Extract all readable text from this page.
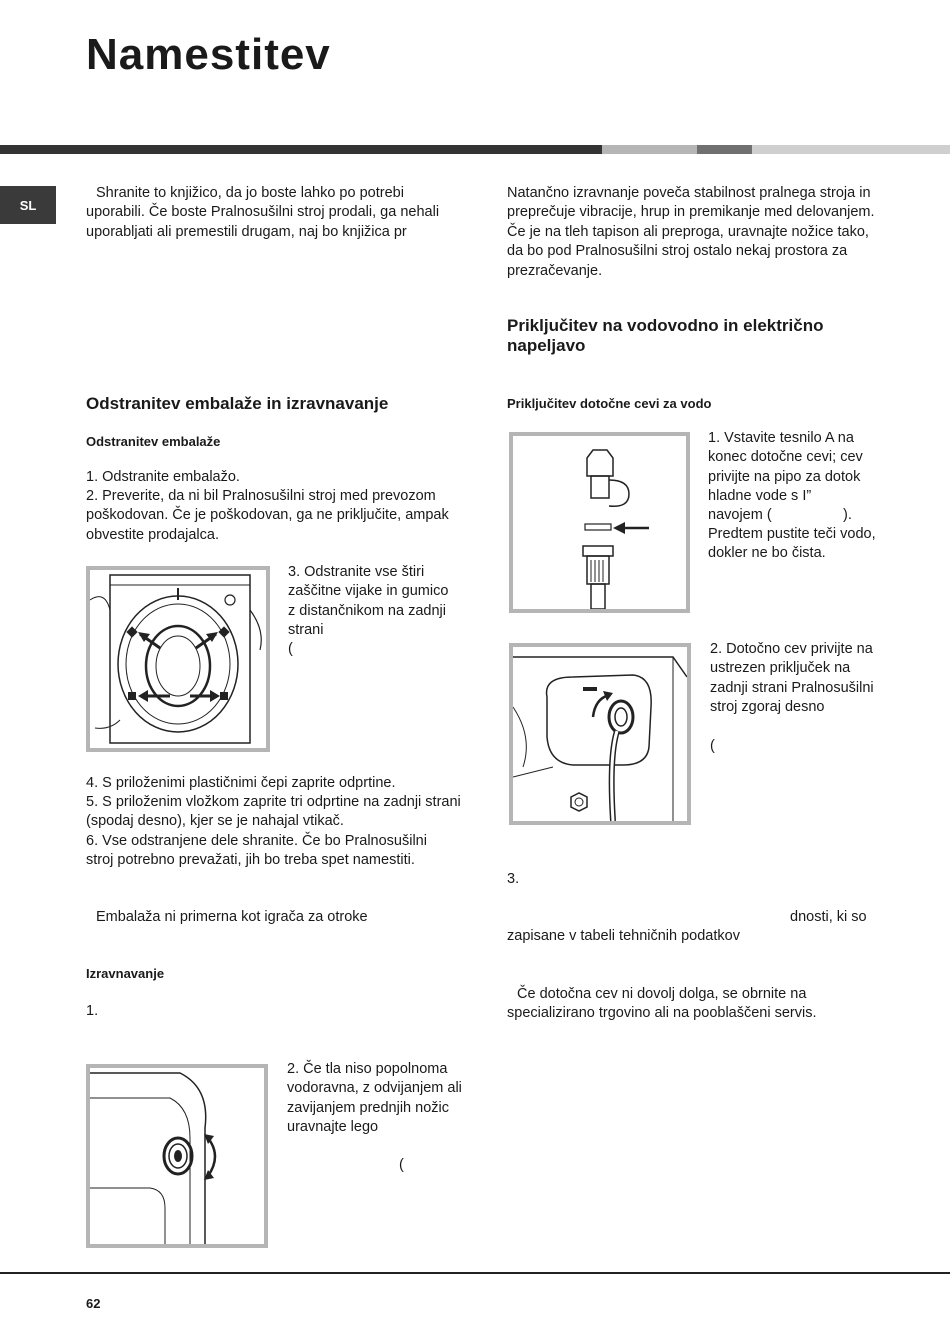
Namestitev
SL

Shranite to knjižico, da jo boste lahko po potrebi uporabili. Če boste Pralnosušilni stroj prodali, ga nehali uporabljati ali premestili drugam, naj bo knjižica pr

Odstranitev embalaže in izravnavanje
Odstranitev embalaže

1. Odstranite embalažo.

2. Preverite, da ni bil Pralnosušilni stroj med prevozom poškodovan. Če je poškodovan, ga ne priključite, ampak obvestite prodajalca.

3. Odstranite vse štiri zaščitne vijake in gumico z distančnikom na zadnji strani

(

4. S priloženimi plastičnimi čepi zaprite odprtine.

5. S priloženim vložkom zaprite tri odprtine na zadnji strani (spodaj desno), kjer se je nahajal vtikač.

6. Vse odstranjene dele shranite. Če bo Pralnosušilni stroj potrebno prevažati, jih bo treba spet namestiti.

Embalaža ni primerna kot igrača za otroke

Izravnavanje

1.

2. Če tla niso popolnoma vodoravna, z odvijanjem ali zavijanjem prednjih nožic uravnajte lego

(

Natančno izravnanje poveča stabilnost pralnega stroja in preprečuje vibracije, hrup in premikanje med delovanjem. Če je na tleh tapison ali preproga, uravnajte nožice tako, da bo pod Pralnosušilni stroj ostalo nekaj prostora za prezračevanje.

Priključitev na vodovodno in električno napeljavo
Priključitev dotočne cevi za vodo

1. Vstavite tesnilo A na konec dotočne cevi; cev privijte na pipo za dotok hladne vode s I”

navojem (	).

Predtem pustite teči vodo, dokler ne bo čista.

2. Dotočno cev privijte na ustrezen priključek na zadnji strani Pralnosušilni stroj zgoraj desno

(

3.

dnosti, ki so

zapisane v tabeli tehničnih podatkov

Če dotočna cev ni dovolj dolga, se obrnite na specializirano trgovino ali na pooblaščeni servis.

62
